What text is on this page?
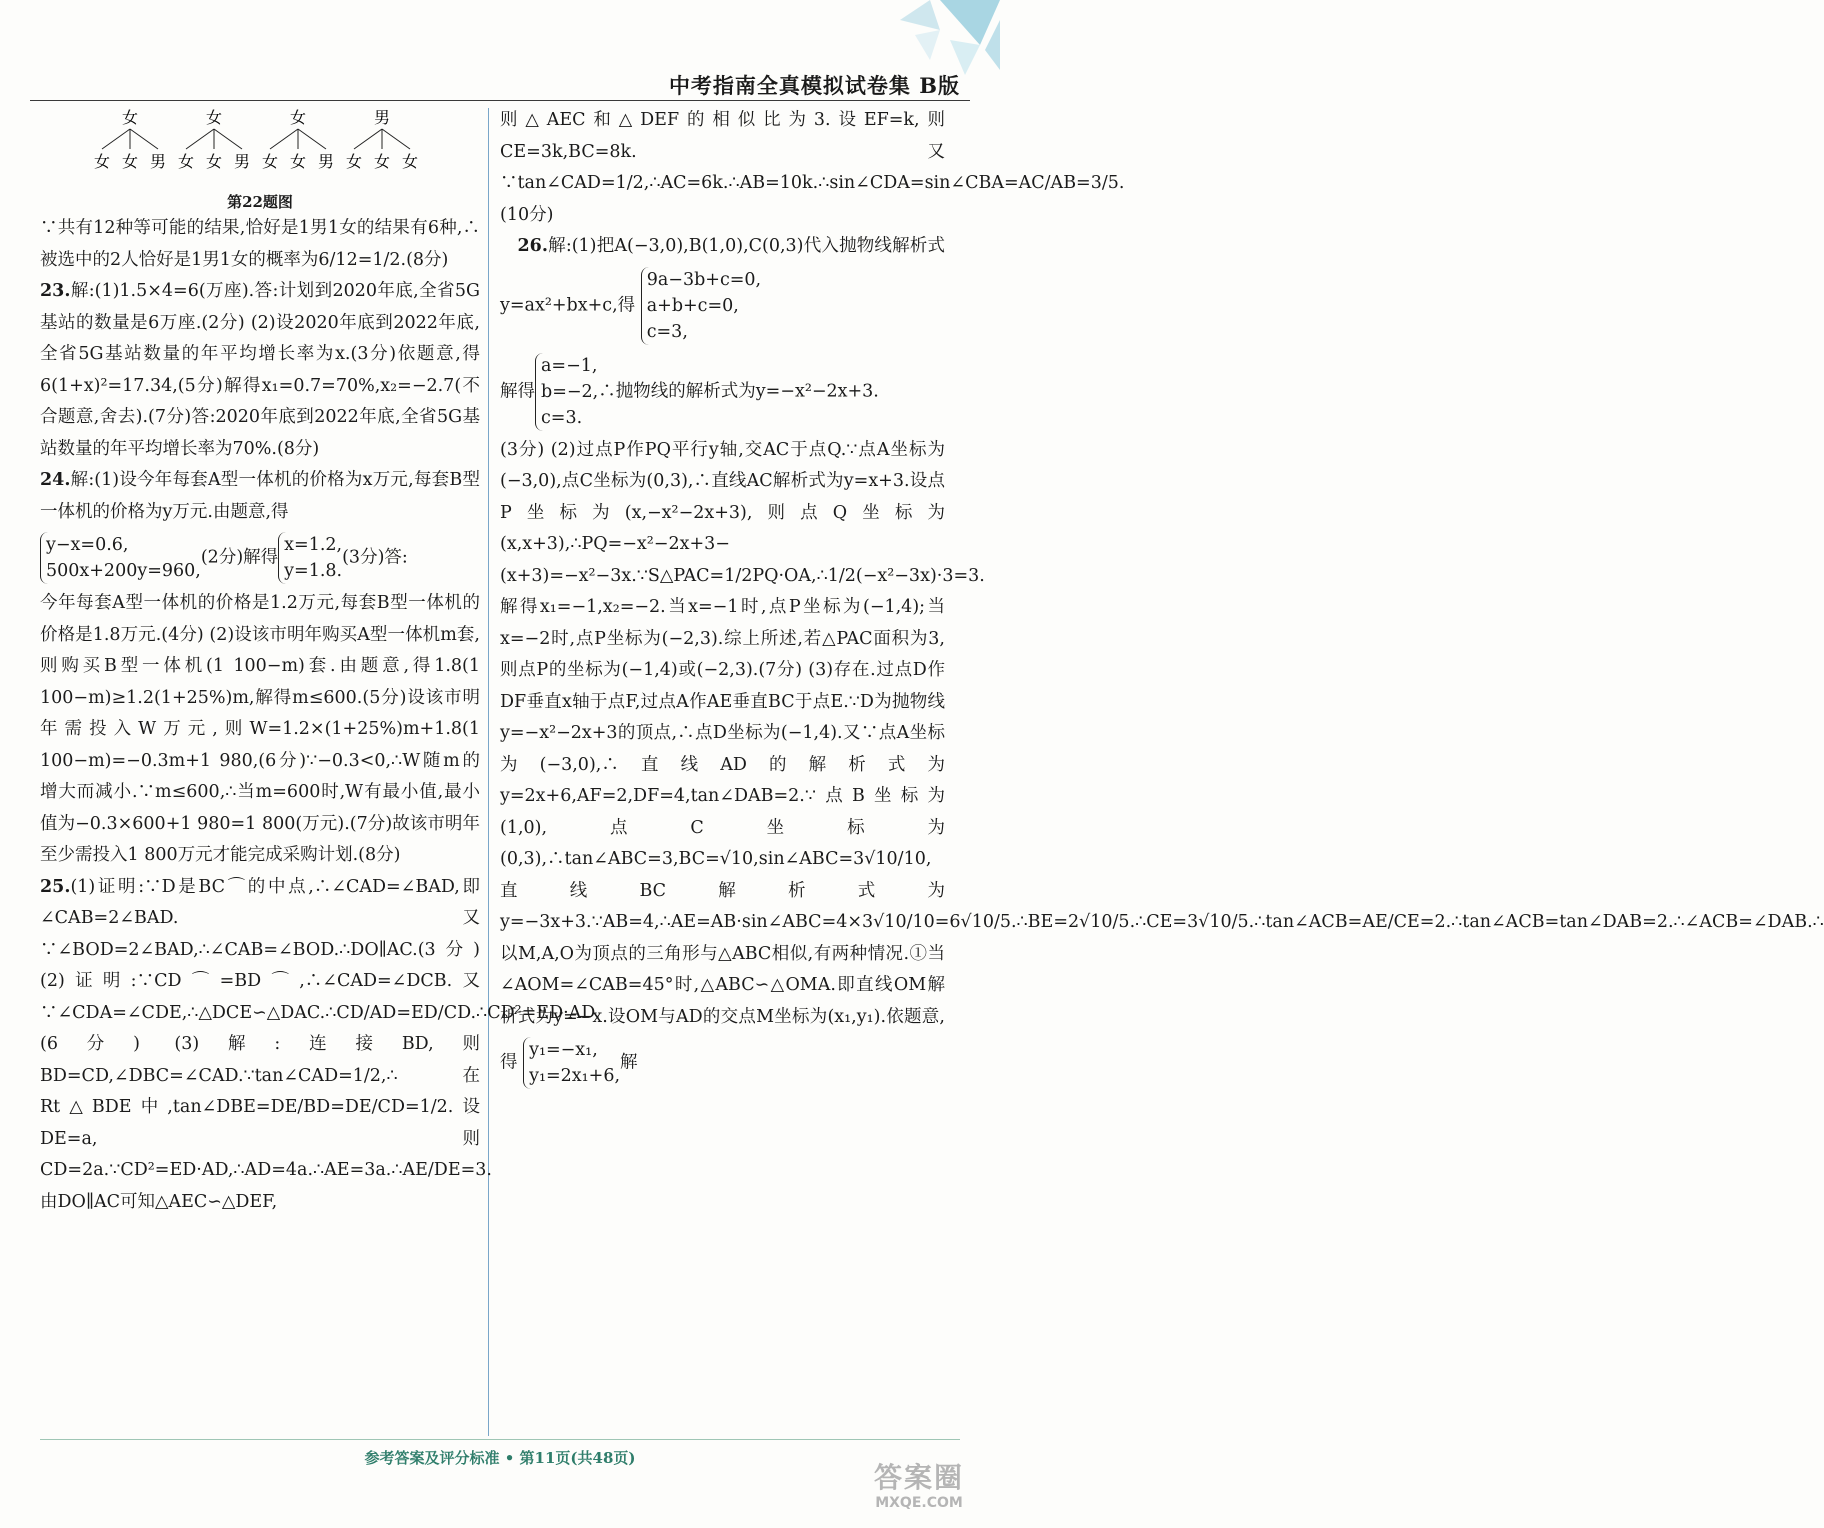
中考指南全真模拟试卷集 B版
女
女 女 男
女
女 女 男
女
女 女 男
男
女 女 女

第22题图

∵共有12种等可能的结果,恰好是1男1女的结果有6种,∴被选中的2人恰好是1男1女的概率为6/12=1/2.(8分)

23.解:(1)1.5×4=6(万座).答:计划到2020年底,全省5G基站的数量是6万座.(2分) (2)设2020年底到2022年底,全省5G基站数量的年平均增长率为x.(3分)依题意,得6(1+x)²=17.34,(5分)解得x₁=0.7=70%,x₂=−2.7(不合题意,舍去).(7分)答:2020年底到2022年底,全省5G基站数量的年平均增长率为70%.(8分)

24.解:(1)设今年每套A型一体机的价格为x万元,每套B型一体机的价格为y万元.由题意,得

y−x=0.6,
500x+200y=960,
(2分)解得
x=1.2,
y=1.8.
(3分)答:
今年每套A型一体机的价格是1.2万元,每套B型一体机的价格是1.8万元.(4分) (2)设该市明年购买A型一体机m套,则购买B型一体机(1 100−m)套.由题意,得1.8(1 100−m)≥1.2(1+25%)m,解得m≤600.(5分)设该市明年需投入W万元,则W=1.2×(1+25%)m+1.8(1 100−m)=−0.3m+1 980,(6分)∵−0.3<0,∴W随m的增大而减小.∵m≤600,∴当m=600时,W有最小值,最小值为−0.3×600+1 980=1 800(万元).(7分)故该市明年至少需投入1 800万元才能完成采购计划.(8分)

25.(1)证明:∵D是BC⌒的中点,∴∠CAD=∠BAD,即∠CAB=2∠BAD.又∵∠BOD=2∠BAD,∴∠CAB=∠BOD.∴DO∥AC.(3分) (2)证明:∵CD⌒=BD⌒,∴∠CAD=∠DCB.又∵∠CDA=∠CDE,∴△DCE∽△DAC.∴CD/AD=ED/CD.∴CD²=ED·AD.(6分) (3)解:连接BD,则BD=CD,∠DBC=∠CAD.∵tan∠CAD=1/2,∴在Rt△BDE中,tan∠DBE=DE/BD=DE/CD=1/2.设DE=a,则CD=2a.∵CD²=ED·AD,∴AD=4a.∴AE=3a.∴AE/DE=3.由DO∥AC可知△AEC∽△DEF,

则△AEC和△DEF的相似比为3.设EF=k,则CE=3k,BC=8k.又∵tan∠CAD=1/2,∴AC=6k.∴AB=10k.∴sin∠CDA=sin∠CBA=AC/AB=3/5.(10分)

 26.解:(1)把A(−3,0),B(1,0),C(0,3)代入抛物线解析式y=ax²+bx+c,得
9a−3b+c=0,
a+b+c=0,
c=3,

解得
a=−1,
b=−2,
c=3.
∴抛物线的解析式为y=−x²−2x+3.
(3分) (2)过点P作PQ平行y轴,交AC于点Q.∵点A坐标为(−3,0),点C坐标为(0,3),∴直线AC解析式为y=x+3.设点P坐标为(x,−x²−2x+3),则点Q坐标为(x,x+3),∴PQ=−x²−2x+3−(x+3)=−x²−3x.∵S△PAC=1/2PQ·OA,∴1/2(−x²−3x)·3=3.解得x₁=−1,x₂=−2.当x=−1时,点P坐标为(−1,4);当x=−2时,点P坐标为(−2,3).综上所述,若△PAC面积为3,则点P的坐标为(−1,4)或(−2,3).(7分) (3)存在.过点D作DF垂直x轴于点F,过点A作AE垂直BC于点E.∵D为抛物线y=−x²−2x+3的顶点,∴点D坐标为(−1,4).又∵点A坐标为(−3,0),∴直线AD的解析式为y=2x+6,AF=2,DF=4,tan∠DAB=2.∵点B坐标为(1,0),点C坐标为(0,3),∴tan∠ABC=3,BC=√10,sin∠ABC=3√10/10,直线BC解析式为y=−3x+3.∵AB=4,∴AE=AB·sin∠ABC=4×3√10/10=6√10/5.∴BE=2√10/5.∴CE=3√10/5.∴tan∠ACB=AE/CE=2.∴tan∠ACB=tan∠DAB=2.∴∠ACB=∠DAB.∴以M,A,O为顶点的三角形与△ABC相似,有两种情况.①当∠AOM=∠CAB=45°时,△ABC∽△OMA.即直线OM解析式为y=−x.设OM与AD的交点M坐标为(x₁,y₁).依题意,得
y₁=−x₁,
y₁=2x₁+6,
解

参考答案及评分标准 • 第11页(共48页)
答案圈
MXQE.COM
